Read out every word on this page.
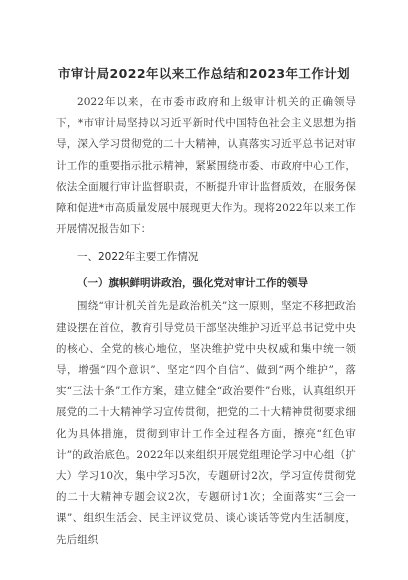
市审计局2022年以来工作总结和2023年工作计划

2022年以来，在市委市政府和上级审计机关的正确领导下，*市审计局坚持以习近平新时代中国特色社会主义思想为指导，深入学习贯彻党的二十大精神，认真落实习近平总书记对审计工作的重要指示批示精神，紧紧围绕市委、市政府中心工作，依法全面履行审计监督职责，不断提升审计监督质效，在服务保障和促进*市高质量发展中展现更大作为。现将2022年以来工作开展情况报告如下：

一、2022年主要工作情况

（一）旗帜鲜明讲政治，强化党对审计工作的领导

围绕“审计机关首先是政治机关”这一原则，坚定不移把政治建设摆在首位，教育引导党员干部坚决维护习近平总书记党中央的核心、全党的核心地位，坚决维护党中央权威和集中统一领导，增强“四个意识”、坚定“四个自信”、做到“两个维护”，落实“三法十条”工作方案，建立健全“政治要件”台账，认真组织开展党的二十大精神学习宣传贯彻，把党的二十大精神贯彻要求细化为具体措施，贯彻到审计工作全过程各方面，擦亮“红色审计”的政治底色。2022年以来组织开展党组理论学习中心组（扩大）学习10次，集中学习5次，专题研讨2次，学习宣传贯彻党的二十大精神专题会议2次，专题研讨1次；全面落实“三会一课”、组织生活会、民主评议党员、谈心谈话等党内生活制度，先后组织
